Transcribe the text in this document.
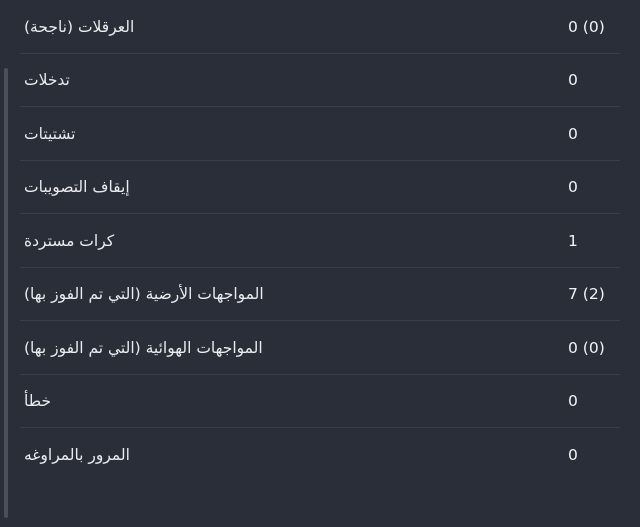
0 (0)
العرقلات (ناجحة)
0
تدخلات
0
تشتيتات
0
إيقاف التصويبات
1
كرات مستردة
7 (2)
المواجهات الأرضية (التي تم الفوز بها)
0 (0)
المواجهات الهوائية (التي تم الفوز بها)
0
خطأ
0
المرور بالمراوغه
